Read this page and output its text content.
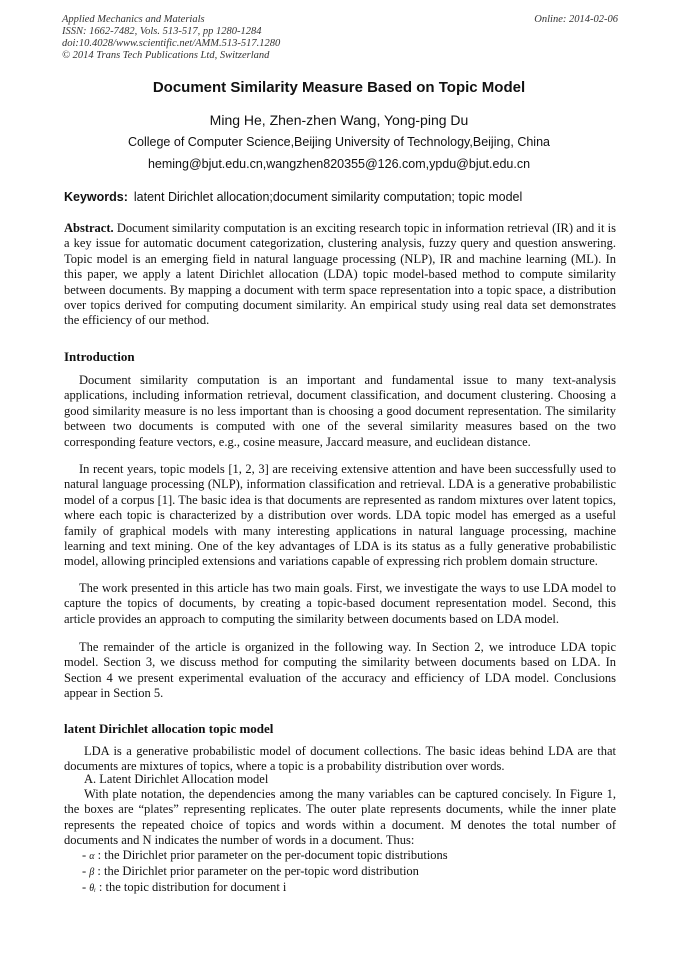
Applied Mechanics and Materials
ISSN: 1662-7482, Vols. 513-517, pp 1280-1284
doi:10.4028/www.scientific.net/AMM.513-517.1280
© 2014 Trans Tech Publications Ltd, Switzerland
Online: 2014-02-06
Document Similarity Measure Based on Topic Model
Ming He, Zhen-zhen Wang, Yong-ping Du
College of Computer Science,Beijing University of Technology,Beijing, China
heming@bjut.edu.cn,wangzhen820355@126.com,ypdu@bjut.edu.cn
Keywords: latent Dirichlet allocation;document similarity computation; topic model

Abstract. Document similarity computation is an exciting research topic in information retrieval (IR) and it is a key issue for automatic document categorization, clustering analysis, fuzzy query and question answering. Topic model is an emerging field in natural language processing (NLP), IR and machine learning (ML). In this paper, we apply a latent Dirichlet allocation (LDA) topic model-based method to compute similarity between documents. By mapping a document with term space representation into a topic space, a distribution over topics derived for computing document similarity. An empirical study using real data set demonstrates the efficiency of our method.

Introduction

Document similarity computation is an important and fundamental issue to many text-analysis applications, including information retrieval, document classification, and document clustering. Choosing a good similarity measure is no less important than is choosing a good document representation. The similarity between two documents is computed with one of the several similarity measures based on the two corresponding feature vectors, e.g., cosine measure, Jaccard measure, and euclidean distance.

In recent years, topic models [1, 2, 3] are receiving extensive attention and have been successfully used to natural language processing (NLP), information classification and retrieval. LDA is a generative probabilistic model of a corpus [1]. The basic idea is that documents are represented as random mixtures over latent topics, where each topic is characterized by a distribution over words. LDA topic model has emerged as a useful family of graphical models with many interesting applications in natural language processing, machine learning and text mining. One of the key advantages of LDA is its status as a fully generative probabilistic model, allowing principled extensions and variations capable of expressing rich problem domain structure.

The work presented in this article has two main goals. First, we investigate the ways to use LDA model to capture the topics of documents, by creating a topic-based document representation model. Second, this article provides an approach to computing the similarity between documents based on LDA model.

The remainder of the article is organized in the following way. In Section 2, we introduce LDA topic model. Section 3, we discuss method for computing the similarity between documents based on LDA. In Section 4 we present experimental evaluation of the accuracy and efficiency of LDA model. Conclusions appear in Section 5.

latent Dirichlet allocation topic model

LDA is a generative probabilistic model of document collections. The basic ideas behind LDA are that documents are mixtures of topics, where a topic is a probability distribution over words.

A. Latent Dirichlet Allocation model

With plate notation, the dependencies among the many variables can be captured concisely. In Figure 1, the boxes are “plates” representing replicates. The outer plate represents documents, while the inner plate represents the repeated choice of topics and words within a document. M denotes the total number of documents and N indicates the number of words in a document. Thus:

- α : the Dirichlet prior parameter on the per-document topic distributions
- β : the Dirichlet prior parameter on the per-topic word distribution
- θᵢ : the topic distribution for document i
